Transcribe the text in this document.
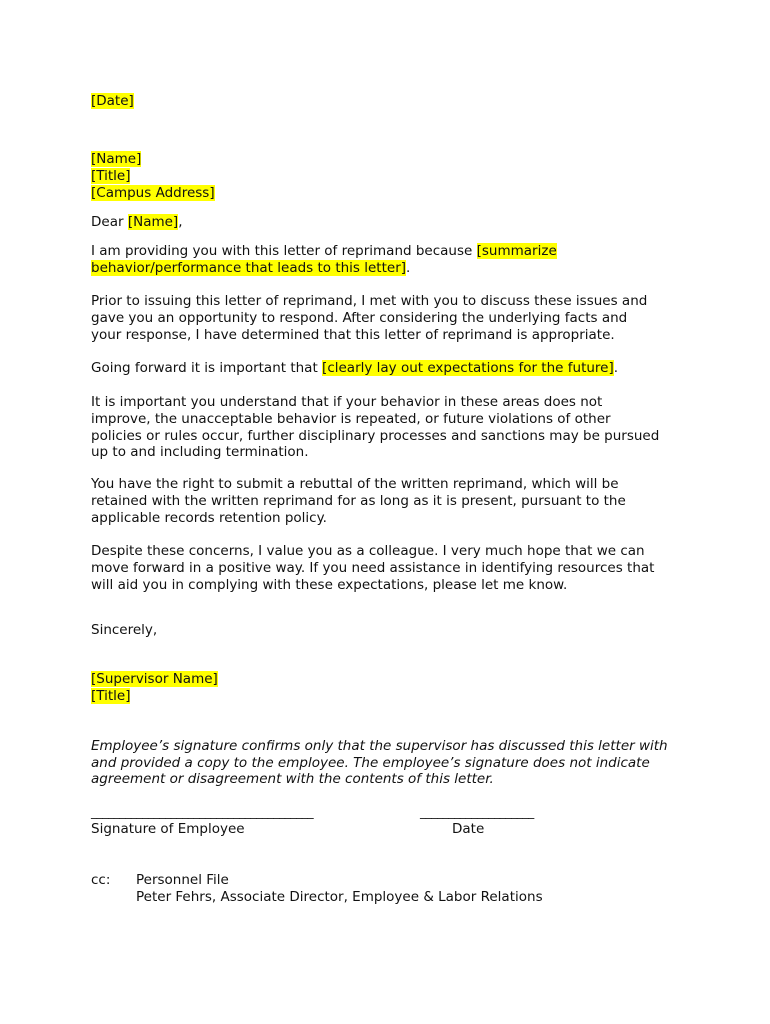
[Date]
[Name]
[Title]
[Campus Address]
Dear [Name],
I am providing you with this letter of reprimand because [summarize
behavior/performance that leads to this letter].
Prior to issuing this letter of reprimand, I met with you to discuss these issues and
gave you an opportunity to respond. After considering the underlying facts and
your response, I have determined that this letter of reprimand is appropriate.
Going forward it is important that [clearly lay out expectations for the future].
It is important you understand that if your behavior in these areas does not
improve, the unacceptable behavior is repeated, or future violations of other
policies or rules occur, further disciplinary processes and sanctions may be pursued
up to and including termination.
You have the right to submit a rebuttal of the written reprimand, which will be
retained with the written reprimand for as long as it is present, pursuant to the
applicable records retention policy.
Despite these concerns, I value you as a colleague. I very much hope that we can
move forward in a positive way. If you need assistance in identifying resources that
will aid you in complying with these expectations, please let me know.
Sincerely,
[Supervisor Name]
[Title]
Employee’s signature confirms only that the supervisor has discussed this letter with
and provided a copy to the employee. The employee’s signature does not indicate
agreement or disagreement with the contents of this letter.
_______________________________________	____________________
Signature of Employee	Date
cc: Personnel File
Peter Fehrs, Associate Director, Employee & Labor Relations
